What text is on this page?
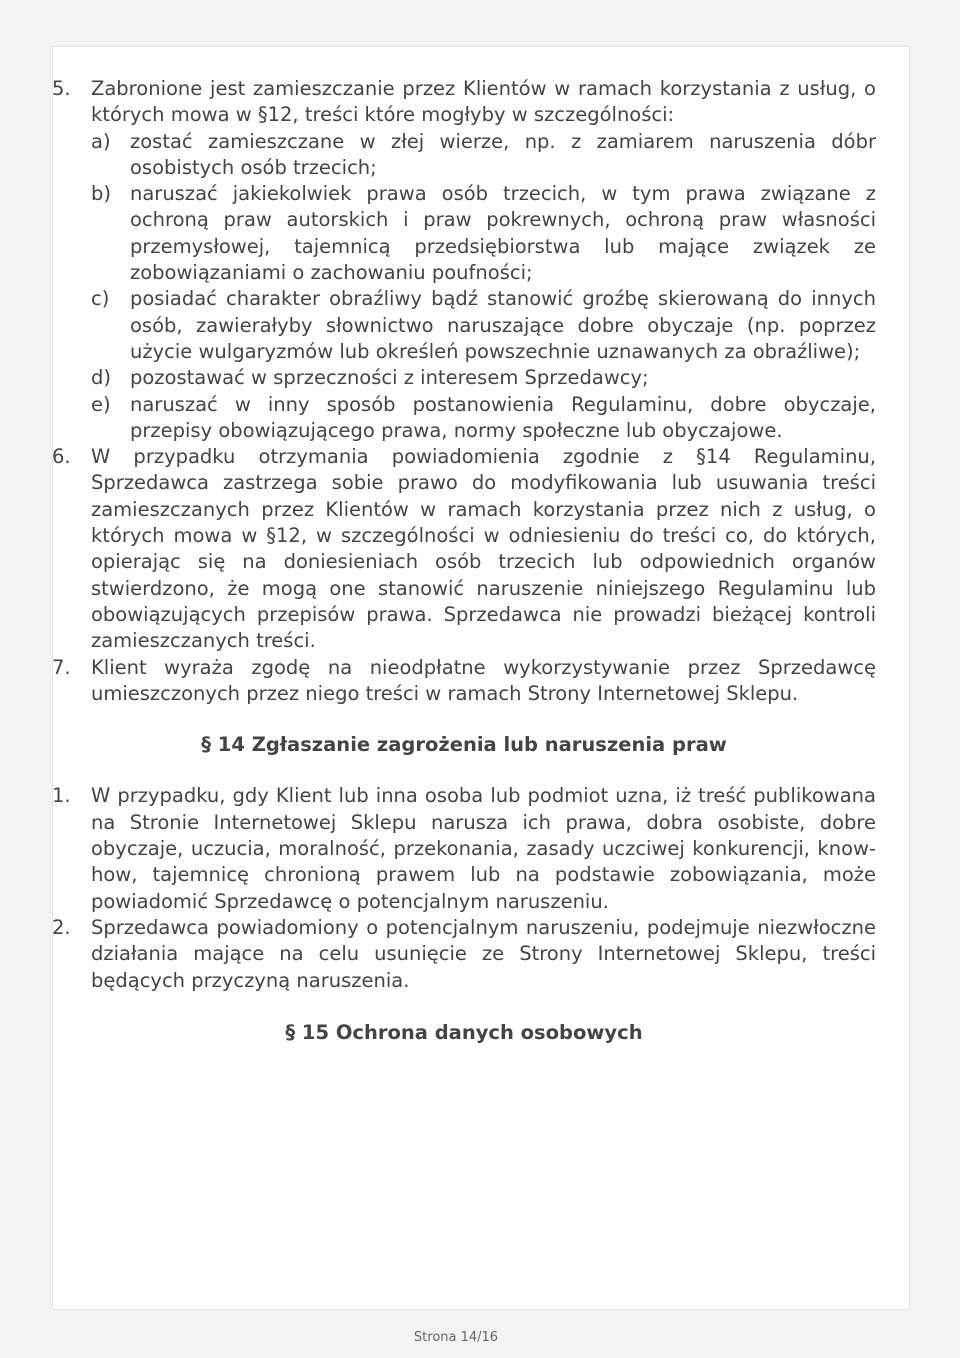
5.	Zabronione jest zamieszczanie przez Klientów w ramach korzystania z usług, o których mowa w §12, treści które mogłyby w szczególności:
a) zostać zamieszczane w złej wierze, np. z zamiarem naruszenia dóbr osobistych osób trzecich;
b) naruszać jakiekolwiek prawa osób trzecich, w tym prawa związane z ochroną praw autorskich i praw pokrewnych, ochroną praw własności przemysłowej, tajemnicą przedsiębiorstwa lub mające związek ze zobowiązaniami o zachowaniu poufności;
c)	posiadać charakter obraźliwy bądź stanowić groźbę skierowaną do innych osób, zawierałyby słownictwo naruszające dobre obyczaje (np. poprzez użycie wulgaryzmów lub określeń powszechnie uznawanych za obraźliwe);
d) pozostawać w sprzeczności z interesem Sprzedawcy;
e) naruszać w inny sposób postanowienia Regulaminu, dobre obyczaje, przepisy obowiązującego prawa, normy społeczne lub obyczajowe.
6.	W przypadku otrzymania powiadomienia zgodnie z §14 Regulaminu, Sprzedawca zastrzega sobie prawo do modyfikowania lub usuwania treści zamieszczanych przez Klientów w ramach korzystania przez nich z usług, o których mowa w §12, w szczególności w odniesieniu do treści co, do których, opierając się na doniesieniach osób trzecich lub odpowiednich organów stwierdzono, że mogą one stanowić naruszenie niniejszego Regulaminu lub obowiązujących przepisów prawa. Sprzedawca nie prowadzi bieżącej kontroli zamieszczanych treści.
7.	Klient wyraża zgodę na nieodpłatne wykorzystywanie przez Sprzedawcę umieszczonych przez niego treści w ramach Strony Internetowej Sklepu.
§ 14 Zgłaszanie zagrożenia lub naruszenia praw
1.	W przypadku, gdy Klient lub inna osoba lub podmiot uzna, iż treść publikowana na Stronie Internetowej Sklepu narusza ich prawa, dobra osobiste, dobre obyczaje, uczucia, moralność, przekonania, zasady uczciwej konkurencji, know-how, tajemnicę chronioną prawem lub na podstawie zobowiązania, może powiadomić Sprzedawcę o potencjalnym naruszeniu.
2.	Sprzedawca powiadomiony o potencjalnym naruszeniu, podejmuje niezwłoczne działania mające na celu usunięcie ze Strony Internetowej Sklepu, treści będących przyczyną naruszenia.
§ 15 Ochrona danych osobowych
Strona 14/16
